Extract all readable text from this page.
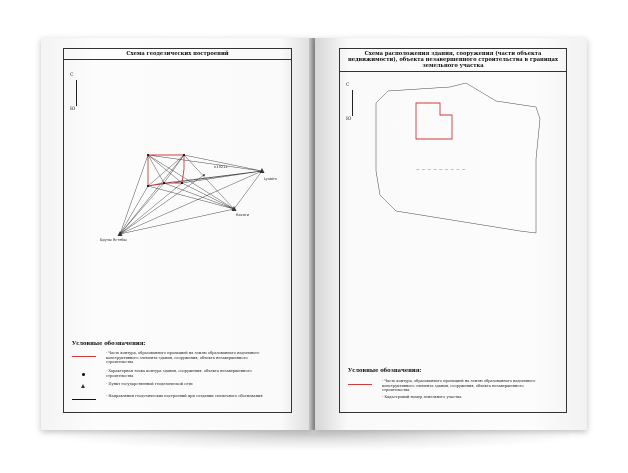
Схема геодезических построений
С
Ю
Брузы Ястебы
Lyubim
Косяги
n15212
Условные обозначения:
- Часть контура, образованного проекцией на землю образованного надземного конструктивного элемента здания, сооружения, объекта незавершенного строительства
- Характерная точка контура здания, сооружения, объекта незавершенного строительства
- Пункт государственной геодезической сети
- Направления геодезических построений при создании съемочного обоснования
Схема расположения здания, сооружения (части объекта недвижимости), объекта незавершенного строительства в границах земельного участка
С
Ю
— — — — — — — — —
Условные обозначения:
- Часть контура, образованного проекцией на землю образованного надземного конструктивного элемента здания, сооружения, объекта незавершенного строительства
- Кадастровый номер земельного участка
